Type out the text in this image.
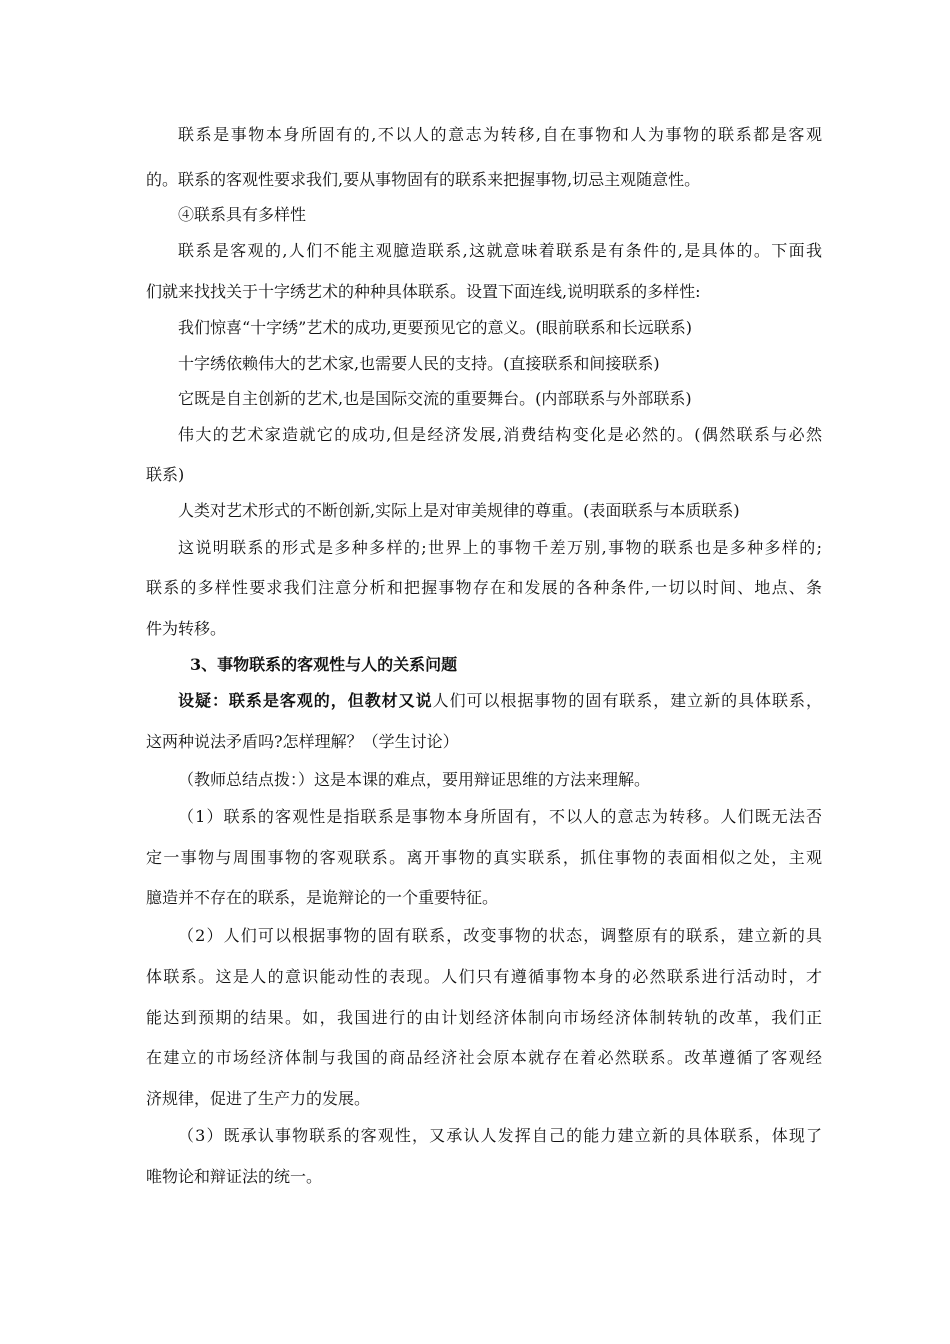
联系是事物本身所固有的,不以人的意志为转移,自在事物和人为事物的联系都是客观
的。联系的客观性要求我们,要从事物固有的联系来把握事物,切忌主观随意性。
④联系具有多样性
联系是客观的,人们不能主观臆造联系,这就意味着联系是有条件的,是具体的。下面我
们就来找找关于十字绣艺术的种种具体联系。设置下面连线,说明联系的多样性:
我们惊喜“十字绣”艺术的成功,更要预见它的意义。(眼前联系和长远联系)
十字绣依赖伟大的艺术家,也需要人民的支持。(直接联系和间接联系)
它既是自主创新的艺术,也是国际交流的重要舞台。(内部联系与外部联系)
伟大的艺术家造就它的成功,但是经济发展,消费结构变化是必然的。(偶然联系与必然
联系)
人类对艺术形式的不断创新,实际上是对审美规律的尊重。(表面联系与本质联系)
这说明联系的形式是多种多样的;世界上的事物千差万别,事物的联系也是多种多样的;
联系的多样性要求我们注意分析和把握事物存在和发展的各种条件,一切以时间、地点、条
件为转移。
3、事物联系的客观性与人的关系问题
设疑：联系是客观的，但教材又说人们可以根据事物的固有联系，建立新的具体联系，
这两种说法矛盾吗?怎样理解？（学生讨论）
（教师总结点拨：）这是本课的难点，要用辩证思维的方法来理解。
（1）联系的客观性是指联系是事物本身所固有，不以人的意志为转移。人们既无法否
定一事物与周围事物的客观联系。离开事物的真实联系，抓住事物的表面相似之处，主观
臆造并不存在的联系，是诡辩论的一个重要特征。
（2）人们可以根据事物的固有联系，改变事物的状态，调整原有的联系，建立新的具
体联系。这是人的意识能动性的表现。人们只有遵循事物本身的必然联系进行活动时，才
能达到预期的结果。如，我国进行的由计划经济体制向市场经济体制转轨的改革，我们正
在建立的市场经济体制与我国的商品经济社会原本就存在着必然联系。改革遵循了客观经
济规律，促进了生产力的发展。
（3）既承认事物联系的客观性，又承认人发挥自己的能力建立新的具体联系，体现了
唯物论和辩证法的统一。
